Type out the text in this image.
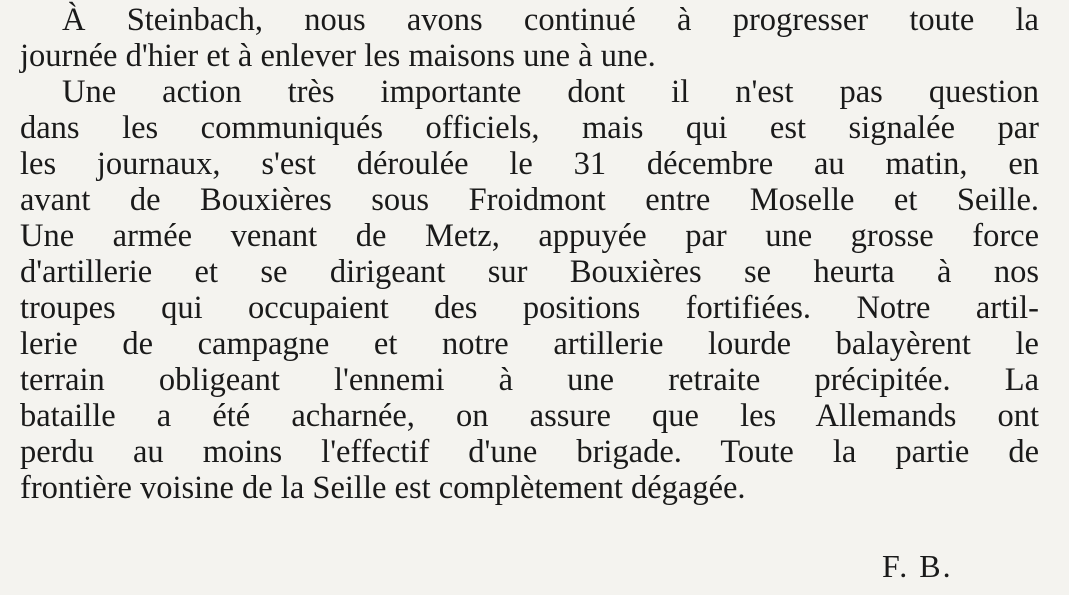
À Steinbach, nous avons continué à progresser toute la
journée d'hier et à enlever les maisons une à une.
Une action très importante dont il n'est pas question
dans les communiqués officiels, mais qui est signalée par
les journaux, s'est déroulée le 31 décembre au matin, en
avant de Bouxières sous Froidmont entre Moselle et Seille.
Une armée venant de Metz, appuyée par une grosse force
d'artillerie et se dirigeant sur Bouxières se heurta à nos
troupes qui occupaient des positions fortifiées. Notre artil-
lerie de campagne et notre artillerie lourde balayèrent le
terrain obligeant l'ennemi à une retraite précipitée. La
bataille a été acharnée, on assure que les Allemands ont
perdu au moins l'effectif d'une brigade. Toute la partie de
frontière voisine de la Seille est complètement dégagée.
F. B.
